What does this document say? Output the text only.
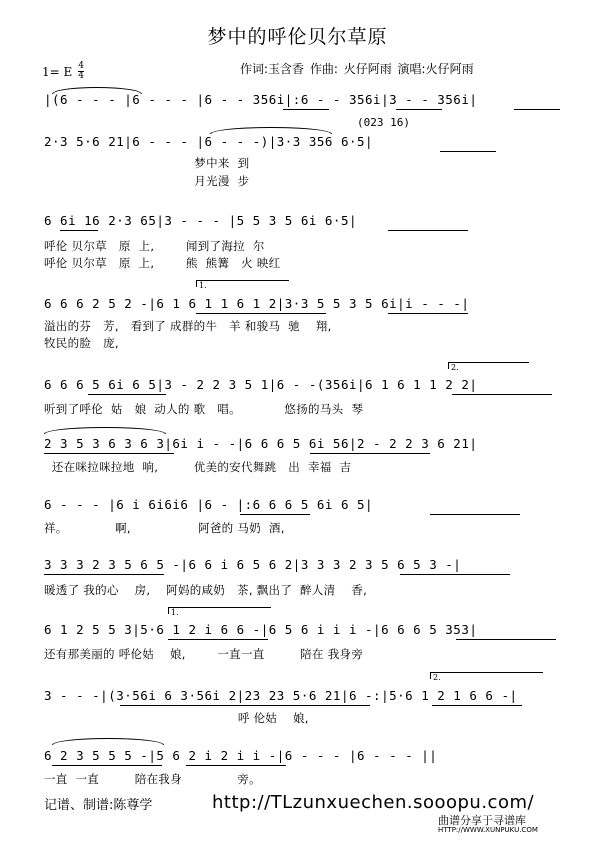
梦中的呼伦贝尔草原
1= E $\frac{4}{4}$	作词:玉含香 作曲: 火仔阿雨 演唱:火仔阿雨
|(6 - - - |6 - - - |6 - - 356i|:6 - - 356i|3 - - 356i|
(023 16)
2·3 5·6 21|6 - - - |6 - - -)|3·3 356 6·5|
梦中来  到
月光漫  步
6 6i 16 2·3 65|3 - - - |5 5 3 5 6i 6·5|
呼伦 贝尔草   原  上,        闻到了海拉  尔
呼伦 贝尔草   原  上,        熊  熊篝   火 映红
1.
6 6 6 2 5 2 -|6 1 6 1 1 6 1 2|3·3 5 5 3 5 6i|i - - -|
溢出的芬   芳,   看到了 成群的牛   羊 和骏马  驰    翔,
牧民的脸   庞,
2.
6 6 6 5 6i 6 5|3 - 2 2 3 5 1|6 - -(356i|6 1 6 1 1 2 2|
听到了呼伦  姑   娘  动人的 歌   唱。           悠扬的马头  琴
2 3 5 3 6 3 6 3|6i i - -|6 6 6 5 6i 56|2 - 2 2 3 6 21|
还在咪拉咪拉地  响,         优美的安代舞跳   出  幸福  吉
6 - - - |6 i 6i6i6 |6 - |:6 6 6 5 6i 6 5|
祥。            啊,                 阿爸的 马奶  酒,
3 3 3 2 3 5 6 5 -|6 6 i 6 5 6 2|3 3 3 2 3 5 6 5 3 -|
暖透了 我的心    房,    阿妈的咸奶   茶, 飘出了  醉人清    香,
1.
6 1 2 5 5 3|5·6 1 2 i 6 6 -|6 5 6 i i i -|6 6 6 5 353|
还有那美丽的 呼伦姑    娘,        一直一直         陪在 我身旁
2.
3 - - -|(3·56i 6 3·56i 2|23 23 5·6 21|6 -:|5·6 1 2 1 6 6 -|
呼 伦姑    娘,
6 2 3 5 5 5 -|5 6 2 i 2 i i -|6 - - - |6 - - - ||
一直  一直         陪在我身              旁。
记谱、制谱:陈尊学	http://TLzunxuechen.sooopu.com/
曲谱分享于寻谱库
HTTP://WWW.XUNPUKU.COM
